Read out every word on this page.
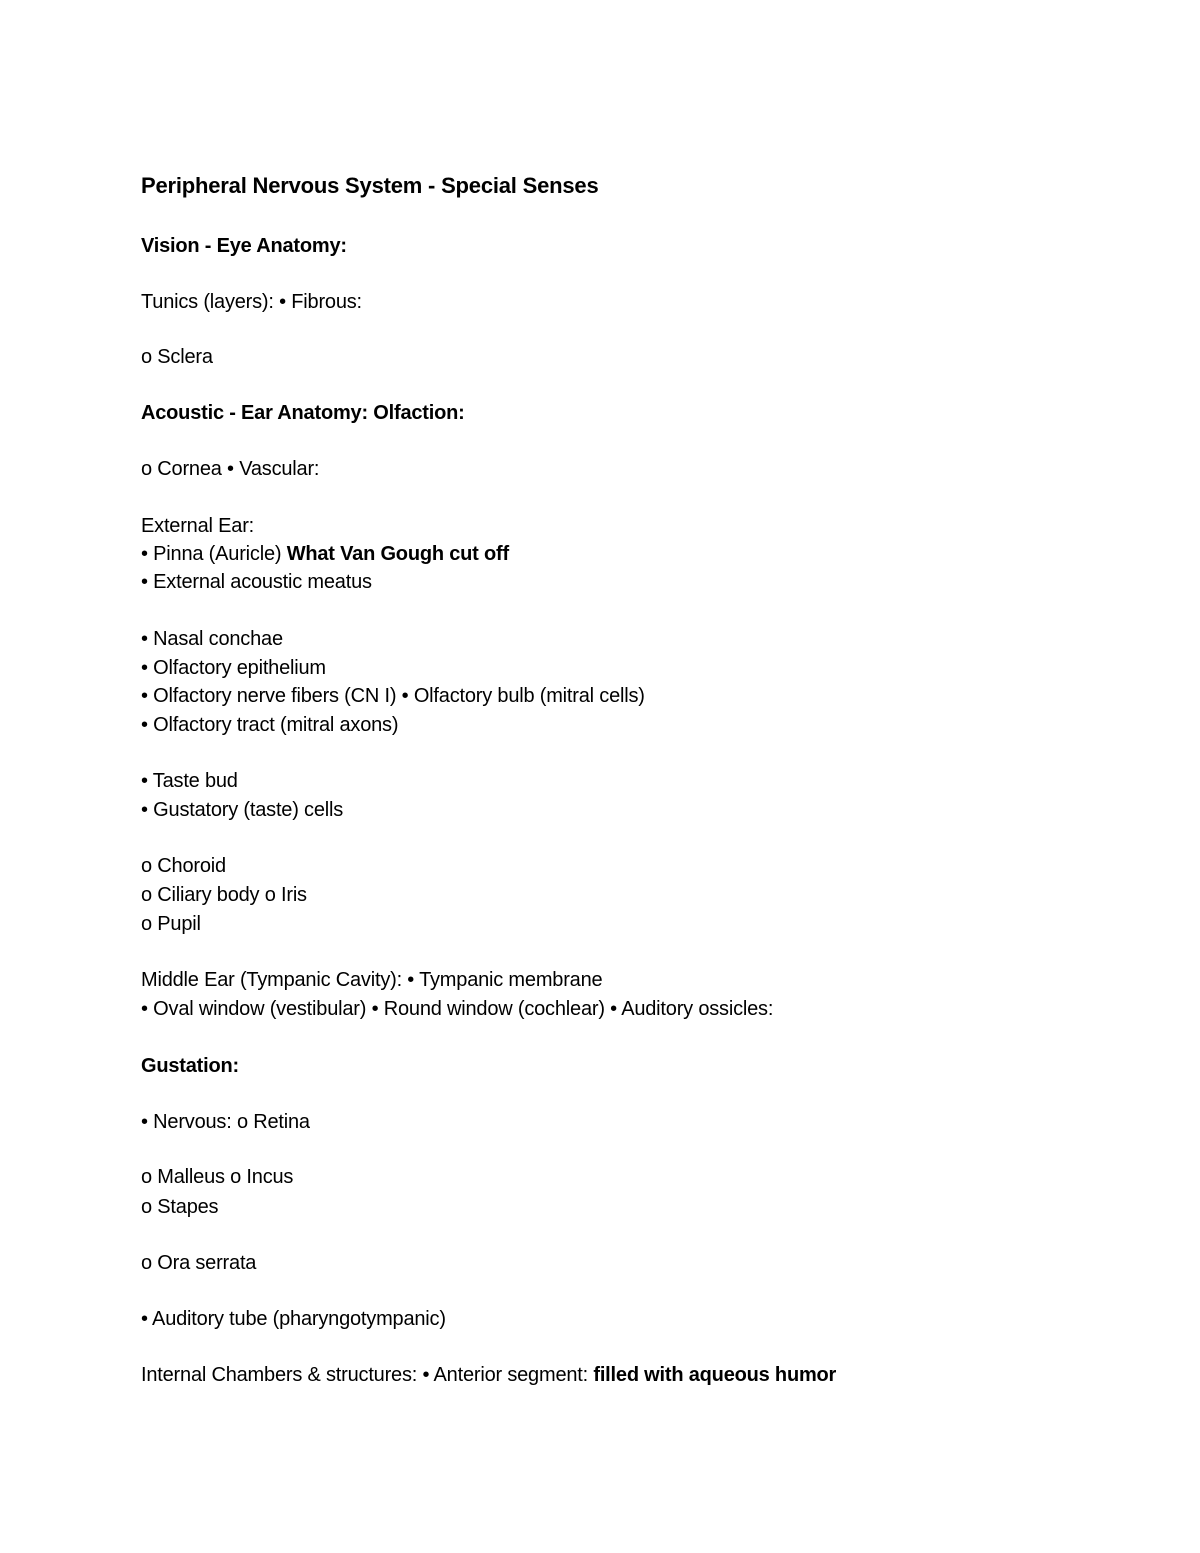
Peripheral Nervous System - Special Senses
Vision - Eye Anatomy:
Tunics (layers): • Fibrous:
o Sclera
Acoustic - Ear Anatomy: Olfaction:
o Cornea • Vascular:
External Ear:
• Pinna (Auricle) What Van Gough cut off
• External acoustic meatus
• Nasal conchae
• Olfactory epithelium
• Olfactory nerve fibers (CN I) • Olfactory bulb (mitral cells)
• Olfactory tract (mitral axons)
• Taste bud
• Gustatory (taste) cells
o Choroid
o Ciliary body o Iris
o Pupil
Middle Ear (Tympanic Cavity): • Tympanic membrane
• Oval window (vestibular) • Round window (cochlear) • Auditory ossicles:
Gustation:
• Nervous: o Retina
o Malleus o Incus
o Stapes
o Ora serrata
• Auditory tube (pharyngotympanic)
Internal Chambers & structures: • Anterior segment: filled with aqueous humor
